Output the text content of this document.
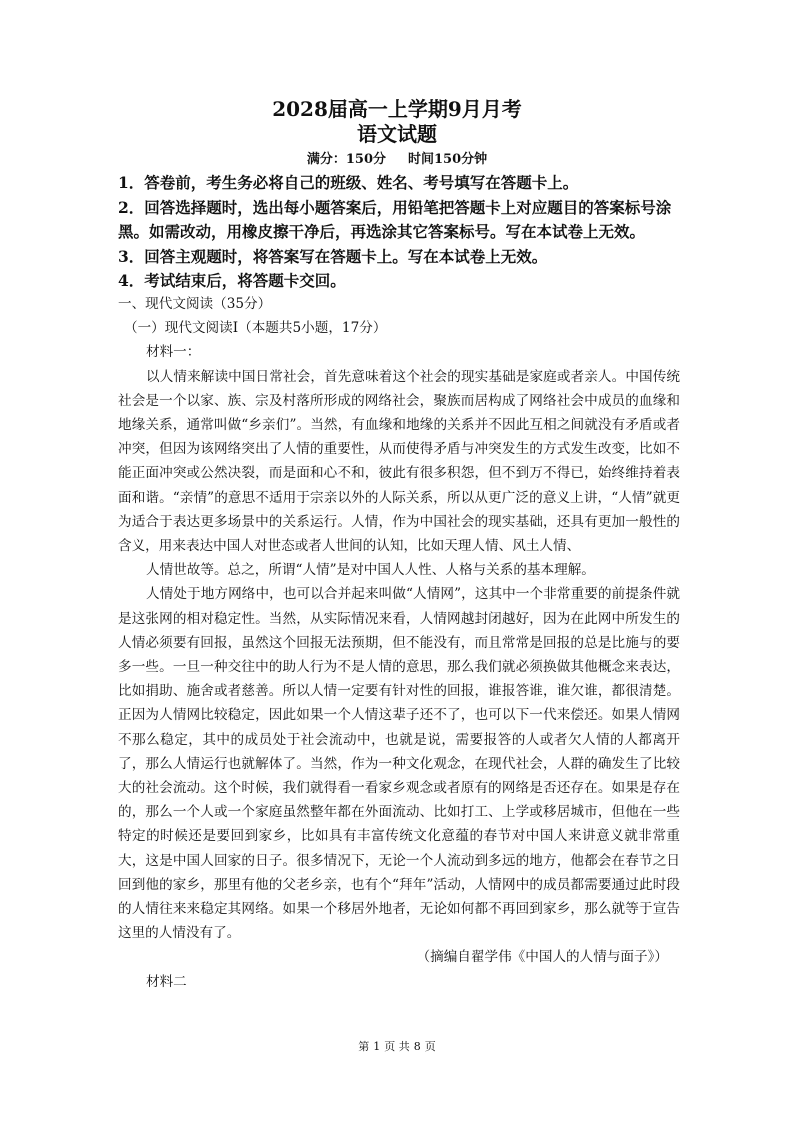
2028届高一上学期9月月考
语文试题
满分：150分 时间150分钟

1．答卷前，考生务必将自己的班级、姓名、考号填写在答题卡上。

2．回答选择题时，选出每小题答案后，用铅笔把答题卡上对应题目的答案标号涂黑。如需改动，用橡皮擦干净后，再选涂其它答案标号。写在本试卷上无效。

3．回答主观题时，将答案写在答题卡上。写在本试卷上无效。

4．考试结束后，将答题卡交回。

一、现代文阅读（35分）

（一）现代文阅读Ⅰ（本题共5小题，17分）

材料一：

以人情来解读中国日常社会，首先意味着这个社会的现实基础是家庭或者亲人。中国传统社会是一个以家、族、宗及村落所形成的网络社会，聚族而居构成了网络社会中成员的血缘和地缘关系，通常叫做“乡亲们”。当然，有血缘和地缘的关系并不因此互相之间就没有矛盾或者冲突，但因为该网络突出了人情的重要性，从而使得矛盾与冲突发生的方式发生改变，比如不能正面冲突或公然决裂，而是面和心不和，彼此有很多积怨，但不到万不得已，始终维持着表面和谐。“亲情”的意思不适用于宗亲以外的人际关系，所以从更广泛的意义上讲，“人情”就更为适合于表达更多场景中的关系运行。人情，作为中国社会的现实基础，还具有更加一般性的含义，用来表达中国人对世态或者人世间的认知，比如天理人情、风土人情、

人情世故等。总之，所谓“人情”是对中国人人性、人格与关系的基本理解。

人情处于地方网络中，也可以合并起来叫做“人情网”，这其中一个非常重要的前提条件就是这张网的相对稳定性。当然，从实际情况来看，人情网越封闭越好，因为在此网中所发生的人情必须要有回报，虽然这个回报无法预期，但不能没有，而且常常是回报的总是比施与的要多一些。一旦一种交往中的助人行为不是人情的意思，那么我们就必须换做其他概念来表达，比如捐助、施舍或者慈善。所以人情一定要有针对性的回报，谁报答谁，谁欠谁，都很清楚。正因为人情网比较稳定，因此如果一个人情这辈子还不了，也可以下一代来偿还。如果人情网不那么稳定，其中的成员处于社会流动中，也就是说，需要报答的人或者欠人情的人都离开了，那么人情运行也就解体了。当然，作为一种文化观念，在现代社会，人群的确发生了比较大的社会流动。这个时候，我们就得看一看家乡观念或者原有的网络是否还存在。如果是存在的，那么一个人或一个家庭虽然整年都在外面流动、比如打工、上学或移居城市，但他在一些特定的时候还是要回到家乡，比如具有丰富传统文化意蕴的春节对中国人来讲意义就非常重大，这是中国人回家的日子。很多情况下，无论一个人流动到多远的地方，他都会在春节之日回到他的家乡，那里有他的父老乡亲，也有个“拜年”活动，人情网中的成员都需要通过此时段的人情往来来稳定其网络。如果一个移居外地者，无论如何都不再回到家乡，那么就等于宣告这里的人情没有了。

（摘编自翟学伟《中国人的人情与面子》）

材料二

第 1 页 共 8 页
